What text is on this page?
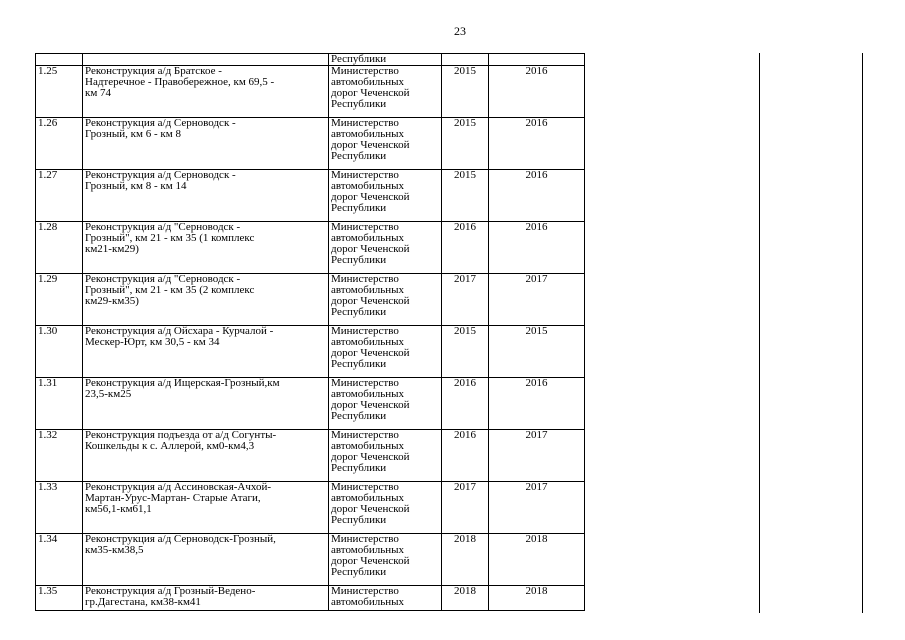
23

		Республики		

1.25	Реконструкция а/д Братское -
Надтеречное - Правобережное, км 69,5 -
км 74	Министерство
автомобильных
дорог Чеченской
Республики	2015	2016

1.26	Реконструкция а/д Серноводск -
Грозный, км 6 - км 8	Министерство
автомобильных
дорог Чеченской
Республики	2015	2016

1.27	Реконструкция а/д Серноводск -
Грозный, км 8 - км 14	Министерство
автомобильных
дорог Чеченской
Республики	2015	2016

1.28	Реконструкция а/д "Серноводск -
Грозный", км 21 - км 35 (1 комплекс
км21-км29)	Министерство
автомобильных
дорог Чеченской
Республики	2016	2016

1.29	Реконструкция а/д "Серноводск -
Грозный", км 21 - км 35 (2 комплекс
км29-км35)	Министерство
автомобильных
дорог Чеченской
Республики	2017	2017

1.30	Реконструкция а/д Ойсхара - Курчалой -
Мескер-Юрт, км 30,5 - км 34	Министерство
автомобильных
дорог Чеченской
Республики	2015	2015

1.31	Реконструкция а/д Ищерская-Грозный,км
23,5-км25	Министерство
автомобильных
дорог Чеченской
Республики	2016	2016

1.32	Реконструкция подъезда от а/д Согунты-
Кошкельды к с. Аллерой, км0-км4,3	Министерство
автомобильных
дорог Чеченской
Республики	2016	2017

1.33	Реконструкция а/д Ассиновская-Ачхой-
Мартан-Урус-Мартан- Старые Атаги,
км56,1-км61,1	Министерство
автомобильных
дорог Чеченской
Республики	2017	2017

1.34	Реконструкция а/д Серноводск-Грозный,
км35-км38,5	Министерство
автомобильных
дорог Чеченской
Республики	2018	2018

1.35	Реконструкция а/д Грозный-Ведено-
гр.Дагестана, км38-км41	Министерство
автомобильных	2018	2018
